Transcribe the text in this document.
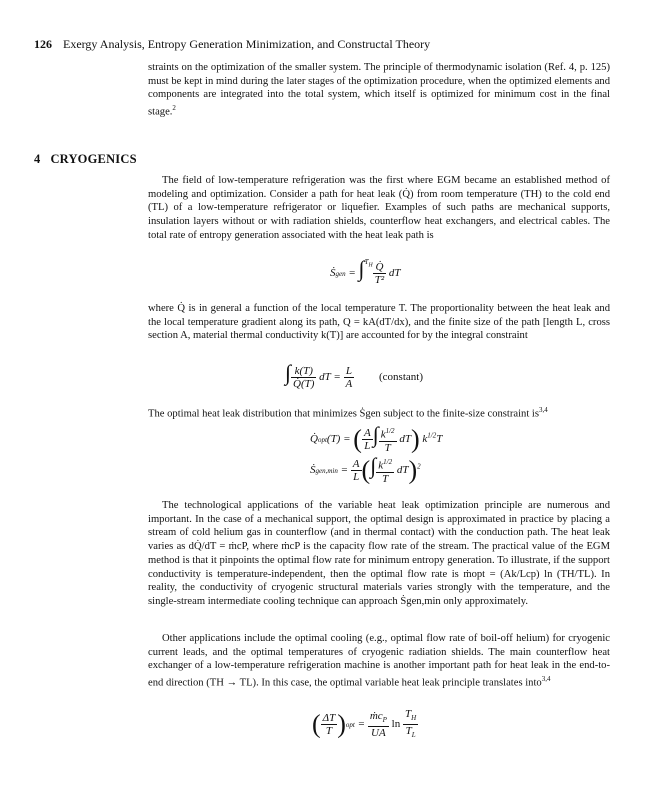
126 Exergy Analysis, Entropy Generation Minimization, and Constructal Theory

straints on the optimization of the smaller system. The principle of thermodynamic isolation (Ref. 4, p. 125) must be kept in mind during the later stages of the optimization procedure, when the optimized elements and components are integrated into the total system, which itself is optimized for minimum cost in the final stage.$^2$

4 CRYOGENICS

The field of low-temperature refrigeration was the first where EGM became an established method of modeling and optimization. Consider a path for heat leak (Q̇) from room temperature (TH) to the cold end (TL) of a low-temperature refrigerator or liquefier. Examples of such paths are mechanical supports, insulation layers without or with radiation shields, counterflow heat exchangers, and electrical cables. The total rate of entropy generation associated with the heat leak path is

Ṡgen = $\int^{T_H} \frac{Q̇}{\text{T²}}$ dT

where Q̇ is in general a function of the local temperature T. The proportionality between the heat leak and the local temperature gradient along its path, Q = kA(dT/dx), and the finite size of the path [length L, cross section A, material thermal conductivity k(T)] are accounted for by the integral constraint

∫ $\frac{k(T)}{Q̇(T)}$ dT = $\frac{L}{A}$ (constant)

The optimal heat leak distribution that minimizes Ṡgen subject to the finite-size constraint is$^{3,4}$

Q̇opt(T) = ( $\frac{A}{L}$ ∫ $\frac{k^{1/2}}{T} dT$) $k^{1/2}T$
Ṡgen,min = $\frac{A}{L}$ (∫ $\frac{k^{1/2}}{T} dT)^2$

The technological applications of the variable heat leak optimization principle are numerous and important. In the case of a mechanical support, the optimal design is approximated in practice by placing a stream of cold helium gas in counterflow (and in thermal contact) with the conduction path. The heat leak varies as dQ̇/dT = ṁcP, where ṁcP is the capacity flow rate of the stream. The practical value of the EGM method is that it pinpoints the optimal flow rate for minimum entropy generation. To illustrate, if the support conductivity is temperature-independent, then the optimal flow rate is ṁopt = (Ak/Lcp) ln (TH/TL). In reality, the conductivity of cryogenic structural materials varies strongly with the temperature, and the single-stream intermediate cooling technique can approach Ṡgen,min only approximately.

Other applications include the optimal cooling (e.g., optimal flow rate of boil-off helium) for cryogenic current leads, and the optimal temperatures of cryogenic radiation shields. The main counterflow heat exchanger of a low-temperature refrigeration machine is another important path for heat leak in the end-to-end direction (TH → TL). In this case, the optimal variable heat leak principle translates into$^{3,4}$

( $\frac{\Delta T}{T} )opt = \frac{ṁc_P}{UA}$ $\ln \frac{T_H}{T_L}$
